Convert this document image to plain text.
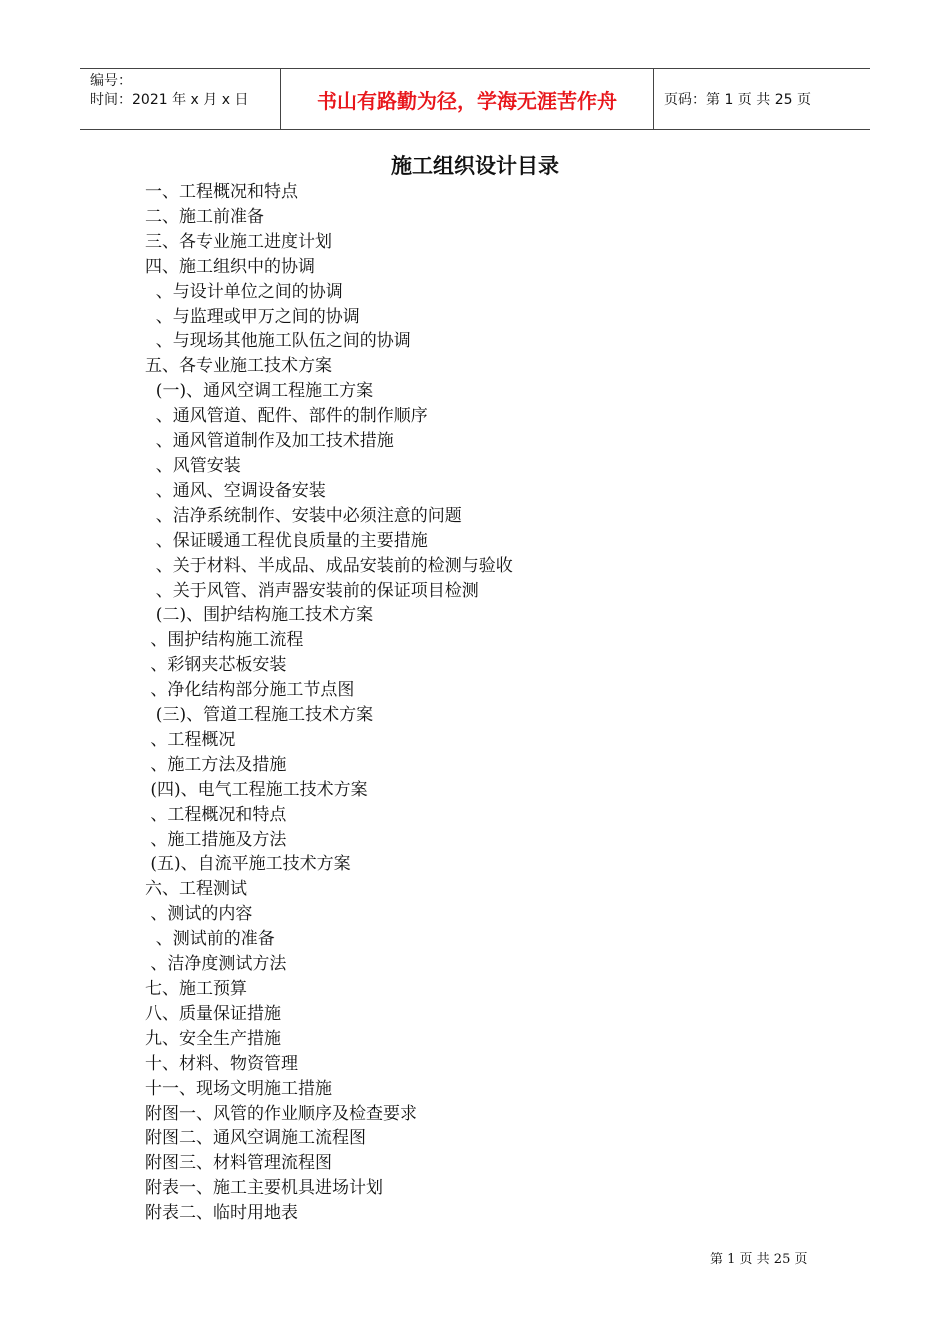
编号：
时间：2021 年 x 月 x 日	书山有路勤为径，学海无涯苦作舟	页码：第 1 页 共 25 页
施工组织设计目录
一、工程概况和特点
二、施工前准备
三、各专业施工进度计划
四、施工组织中的协调
、与设计单位之间的协调
、与监理或甲万之间的协调
、与现场其他施工队伍之间的协调
五、各专业施工技术方案
(一)、通风空调工程施工方案
、通风管道、配件、部件的制作顺序
、通风管道制作及加工技术措施
、风管安装
、通风、空调设备安装
、洁净系统制作、安装中必须注意的问题
、保证暖通工程优良质量的主要措施
、关于材料、半成品、成品安装前的检测与验收
、关于风管、消声器安装前的保证项目检测
(二)、围护结构施工技术方案
、围护结构施工流程
、彩钢夹芯板安装
、净化结构部分施工节点图
(三)、管道工程施工技术方案
、工程概况
、施工方法及措施
(四)、电气工程施工技术方案
、工程概况和特点
、施工措施及方法
(五)、自流平施工技术方案
六、工程测试
、测试的内容
、测试前的准备
、洁净度测试方法
七、施工预算
八、质量保证措施
九、安全生产措施
十、材料、物资管理
十一、现场文明施工措施
附图一、风管的作业顺序及检查要求
附图二、通风空调施工流程图
附图三、材料管理流程图
附表一、施工主要机具进场计划
附表二、临时用地表
第 1 页 共 25 页
